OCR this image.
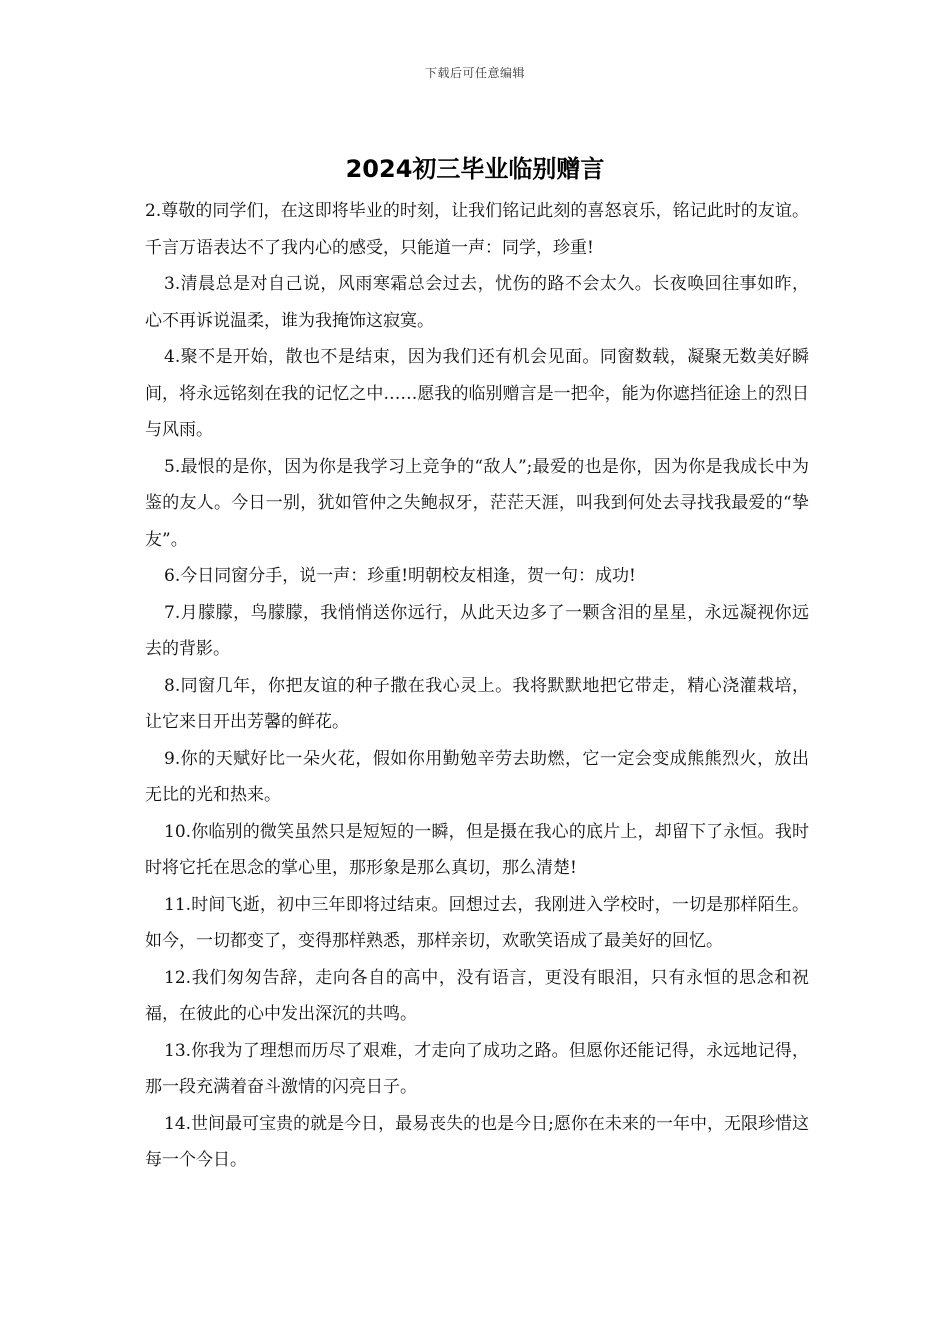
下载后可任意编辑
2024初三毕业临别赠言

2.尊敬的同学们，在这即将毕业的时刻，让我们铭记此刻的喜怒哀乐，铭记此时的友谊。千言万语表达不了我内心的感受，只能道一声：同学，珍重!

3.清晨总是对自己说，风雨寒霜总会过去，忧伤的路不会太久。长夜唤回往事如昨，心不再诉说温柔，谁为我掩饰这寂寞。

4.聚不是开始，散也不是结束，因为我们还有机会见面。同窗数载，凝聚无数美好瞬间，将永远铭刻在我的记忆之中……愿我的临别赠言是一把伞，能为你遮挡征途上的烈日与风雨。

5.最恨的是你，因为你是我学习上竞争的“敌人”;最爱的也是你，因为你是我成长中为鉴的友人。今日一别，犹如管仲之失鲍叔牙，茫茫天涯，叫我到何处去寻找我最爱的“挚友”。

6.今日同窗分手，说一声：珍重!明朝校友相逢，贺一句：成功!

7.月朦朦，鸟朦朦，我悄悄送你远行，从此天边多了一颗含泪的星星，永远凝视你远去的背影。

8.同窗几年，你把友谊的种子撒在我心灵上。我将默默地把它带走，精心浇灌栽培，让它来日开出芳馨的鲜花。

9.你的天赋好比一朵火花，假如你用勤勉辛劳去助燃，它一定会变成熊熊烈火，放出无比的光和热来。

10.你临别的微笑虽然只是短短的一瞬，但是摄在我心的底片上，却留下了永恒。我时时将它托在思念的掌心里，那形象是那么真切，那么清楚!

11.时间飞逝，初中三年即将过结束。回想过去，我刚进入学校时，一切是那样陌生。如今，一切都变了，变得那样熟悉，那样亲切，欢歌笑语成了最美好的回忆。

12.我们匆匆告辞，走向各自的高中，没有语言，更没有眼泪，只有永恒的思念和祝福，在彼此的心中发出深沉的共鸣。

13.你我为了理想而历尽了艰难，才走向了成功之路。但愿你还能记得，永远地记得，那一段充满着奋斗激情的闪亮日子。

14.世间最可宝贵的就是今日，最易丧失的也是今日;愿你在未来的一年中，无限珍惜这每一个今日。
